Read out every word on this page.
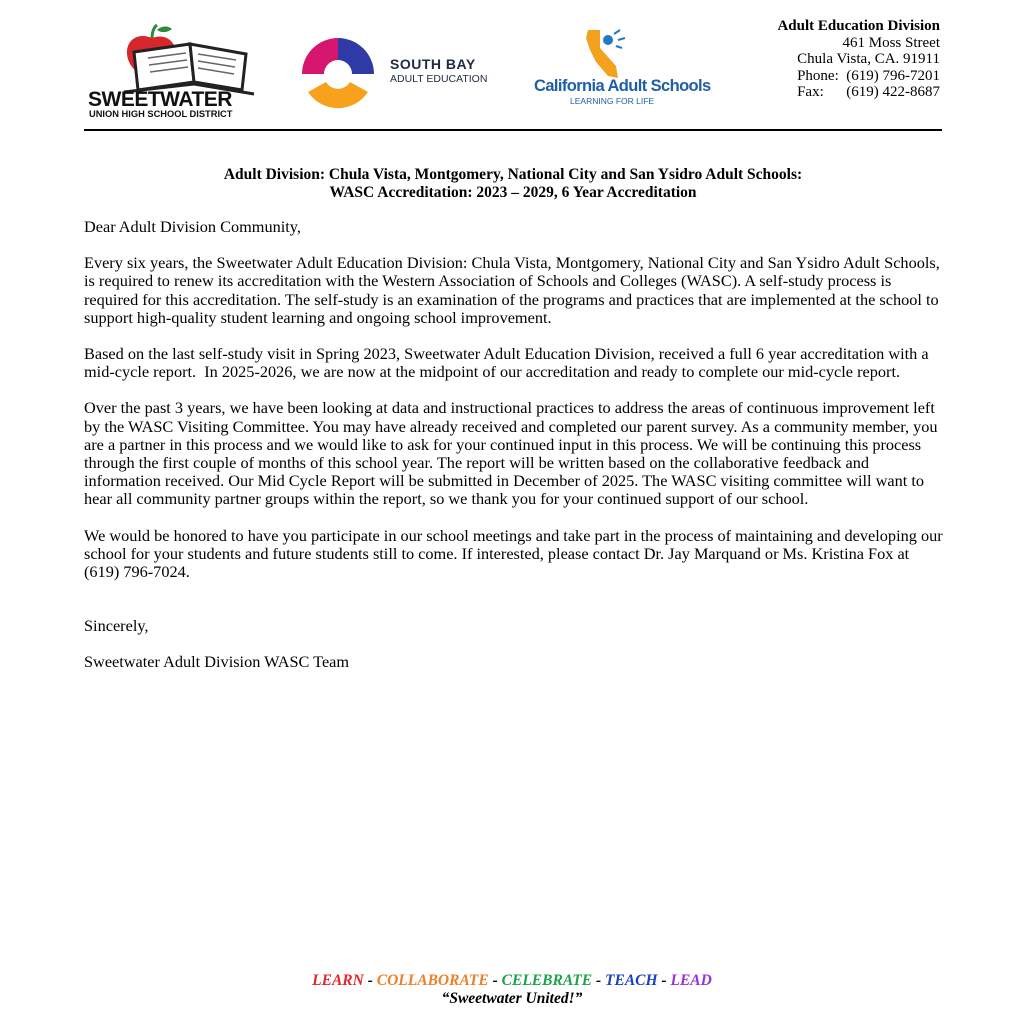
SWEETWATER
UNION HIGH SCHOOL DISTRICT
SOUTH BAY
ADULT EDUCATION	California Adult Schools
LEARNING FOR LIFE
Adult Education Division
461 Moss Street
Chula Vista, CA. 91911
Phone:  (619) 796-7201
Fax:      (619) 422-8687
Adult Division: Chula Vista, Montgomery, National City and San Ysidro Adult Schools:
WASC Accreditation: 2023 – 2029, 6 Year Accreditation

Dear Adult Division Community,

Every six years, the Sweetwater Adult Education Division: Chula Vista, Montgomery, National City and San Ysidro Adult Schools, is required to renew its accreditation with the Western Association of Schools and Colleges (WASC). A self-study process is required for this accreditation. The self-study is an examination of the programs and practices that are implemented at the school to support high-quality student learning and ongoing school improvement.

Based on the last self-study visit in Spring 2023, Sweetwater Adult Education Division, received a full 6 year accreditation with a mid-cycle report.  In 2025-2026, we are now at the midpoint of our accreditation and ready to complete our mid-cycle report.

Over the past 3 years, we have been looking at data and instructional practices to address the areas of continuous improvement left by the WASC Visiting Committee. You may have already received and completed our parent survey. As a community member, you are a partner in this process and we would like to ask for your continued input in this process. We will be continuing this process through the first couple of months of this school year. The report will be written based on the collaborative feedback and information received. Our Mid Cycle Report will be submitted in December of 2025. The WASC visiting committee will want to hear all community partner groups within the report, so we thank you for your continued support of our school.

We would be honored to have you participate in our school meetings and take part in the process of maintaining and developing our school for your students and future students still to come. If interested, please contact Dr. Jay Marquand or Ms. Kristina Fox at (619) 796-7024.

Sincerely,

Sweetwater Adult Division WASC Team

LEARN - COLLABORATE - CELEBRATE - TEACH - LEAD
“Sweetwater United!”
